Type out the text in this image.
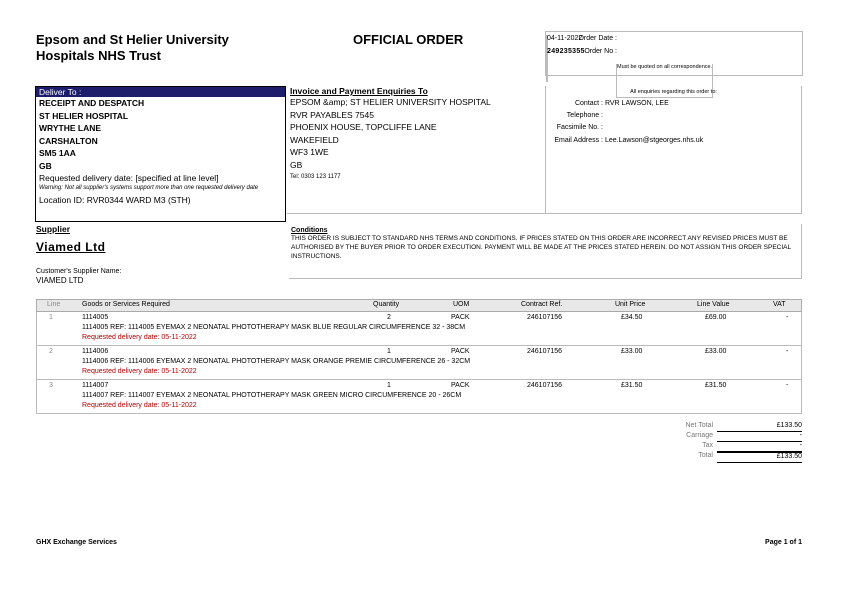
Epsom and St Helier University
Hospitals NHS Trust
OFFICIAL ORDER	Order Date :
04-11-2022
Order No :
249235355
Must be quoted on all correspondence.
Deliver To :
RECEIPT AND DESPATCH
ST HELIER HOSPITAL
WRYTHE LANE
CARSHALTON
SM5 1AA
GB
Requested delivery date: [specified at line level]
Warning: Not all supplier's systems support more than one requested delivery date
Location ID: RVR0344 WARD M3 (STH)
Invoice and Payment Enquiries To
EPSOM &amp; ST HELIER UNIVERSITY HOSPITAL
RVR PAYABLES 7545
PHOENIX HOUSE, TOPCLIFFE LANE
WAKEFIELD
WF3 1WE
GB
Tel: 0303 123 1177
All enquiries regarding this order to:
Contact : RVR LAWSON, LEE
Telephone :
Facsimile No. :
Email Address : Lee.Lawson@stgeorges.nhs.uk
Supplier
Viamed Ltd
Customer's Supplier Name:
VIAMED LTD
Conditions
THIS ORDER IS SUBJECT TO STANDARD NHS TERMS AND CONDITIONS. IF PRICES STATED ON THIS ORDER ARE INCORRECT ANY REVISED PRICES MUST BE AUTHORISED BY THE BUYER PRIOR TO ORDER EXECUTION. PAYMENT WILL BE MADE AT THE PRICES STATED HEREIN. DO NOT ASSIGN THIS ORDER SPECIAL INSTRUCTIONS.
Line	Goods or Services Required	Quantity	UOM	Contract Ref.	Unit Price	Line Value	VAT
1	1114005	2	PACK	246107156	£34.50	£69.00	-
1114005 REF: 1114005 EYEMAX 2 NEONATAL PHOTOTHERAPY MASK BLUE REGULAR CIRCUMFERENCE 32 - 38CM
Requested delivery date: 05-11-2022
2	1114006	1	PACK	246107156	£33.00	£33.00	-
1114006 REF: 1114006 EYEMAX 2 NEONATAL PHOTOTHERAPY MASK ORANGE PREMIE CIRCUMFERENCE 26 - 32CM
Requested delivery date: 05-11-2022
3	1114007	1	PACK	246107156	£31.50	£31.50	-
1114007 REF: 1114007 EYEMAX 2 NEONATAL PHOTOTHERAPY MASK GREEN MICRO CIRCUMFERENCE 20 - 26CM
Requested delivery date: 05-11-2022
Net Total	£133.50
Carriage	-
Tax	-
Total	£133.50
GHX Exchange Services	Page 1 of 1
